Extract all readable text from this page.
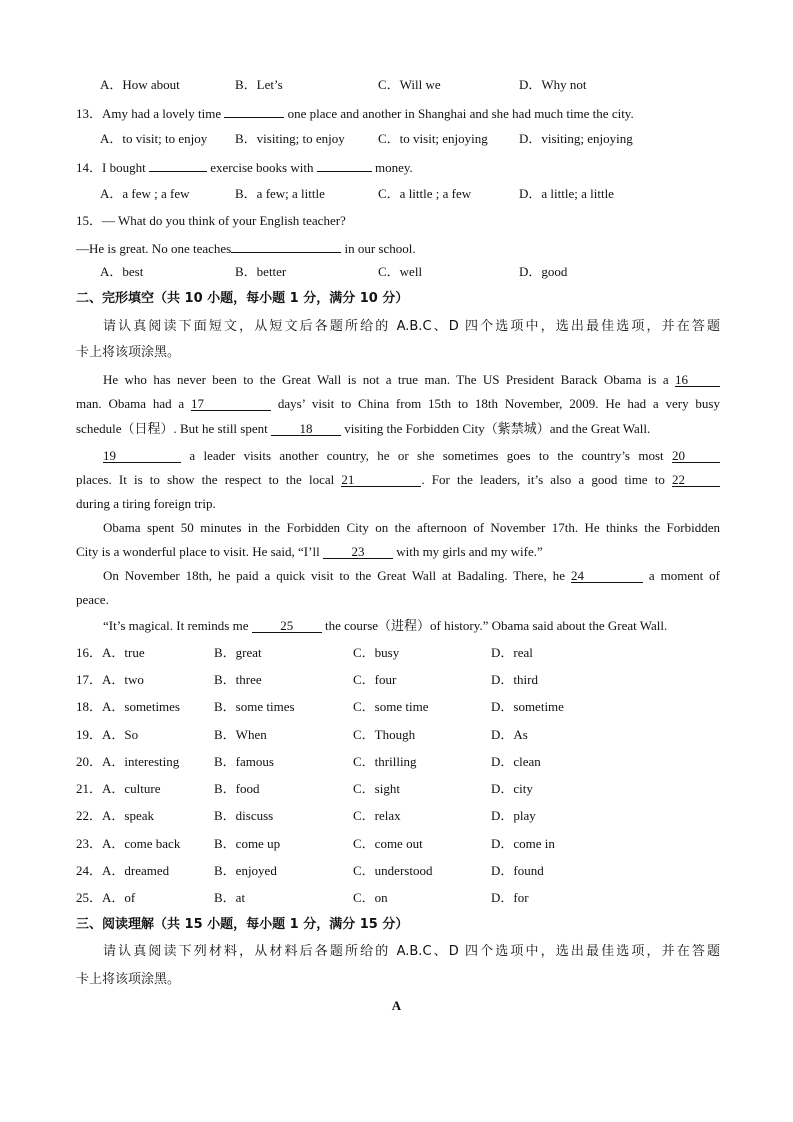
A．How about	B．Let’s	C．Will we	D．Why not
13．Amy had a lovely time	one place and another in Shanghai and she had much time the city.
A．to visit; to enjoy B．visiting; to enjoy	C．to visit; enjoying D．visiting; enjoying
14．I bought	exercise books with	money.
A．a few ; a few	B．a few; a little	C．a little ; a few	D．a little; a little
15．— What do you think of your English teacher?
—He is great. No one teaches	in our school.
A．best	B．better	C．well	D．good
二、完形填空（共 10 小题，每小题 1 分，满分 10 分）
请认真阅读下面短文，从短文后各题所给的 A.B.C、D 四个选项中，选出最佳选项，并在答题
卡上将该项涂黑。
He who has never been to the Great Wall is not a true man. The US President Barack Obama is a 16
man. Obama had a 17	days’ visit to China from 15th to 18th November, 2009. He had a very busy
schedule（日程）. But he still spent 18 visiting the Forbidden City（紫禁城）and the Great Wall.
19	a leader visits another country, he or she sometimes goes to the country’s most 20
places. It is to show the respect to the local 21	. For the leaders, it’s also a good time to 22
during a tiring foreign trip.
Obama spent 50 minutes in the Forbidden City on the afternoon of November 17th. He thinks the Forbidden
City is a wonderful place to visit. He said, “I’ll 23 with my girls and my wife.”
On November 18th, he paid a quick visit to the Great Wall at Badaling. There, he 24	a moment of
peace.
“It’s magical. It reminds me 25 the course（进程）of history.” Obama said about the Great Wall.
16．A．true	B．great	C．busy	D．real
17．A．two	B．three	C．four	D．third
18．A．sometimes	B．some times	C．some time	D．sometime
19．A．So	B．When	C．Though	D．As
20．A．interesting	B．famous	C．thrilling	D．clean
21．A．culture	B．food	C．sight	D．city
22．A．speak	B．discuss	C．relax	D．play
23．A．come back	B．come up	C．come out	D．come in
24．A．dreamed	B．enjoyed	C．understood	D．found
25．A．of	B．at	C．on	D．for
三、阅读理解（共 15 小题，每小题 1 分，满分 15 分）
请认真阅读下列材料，从材料后各题所给的 A.B.C、D 四个选项中，选出最佳选项，并在答题
卡上将该项涂黑。
A
